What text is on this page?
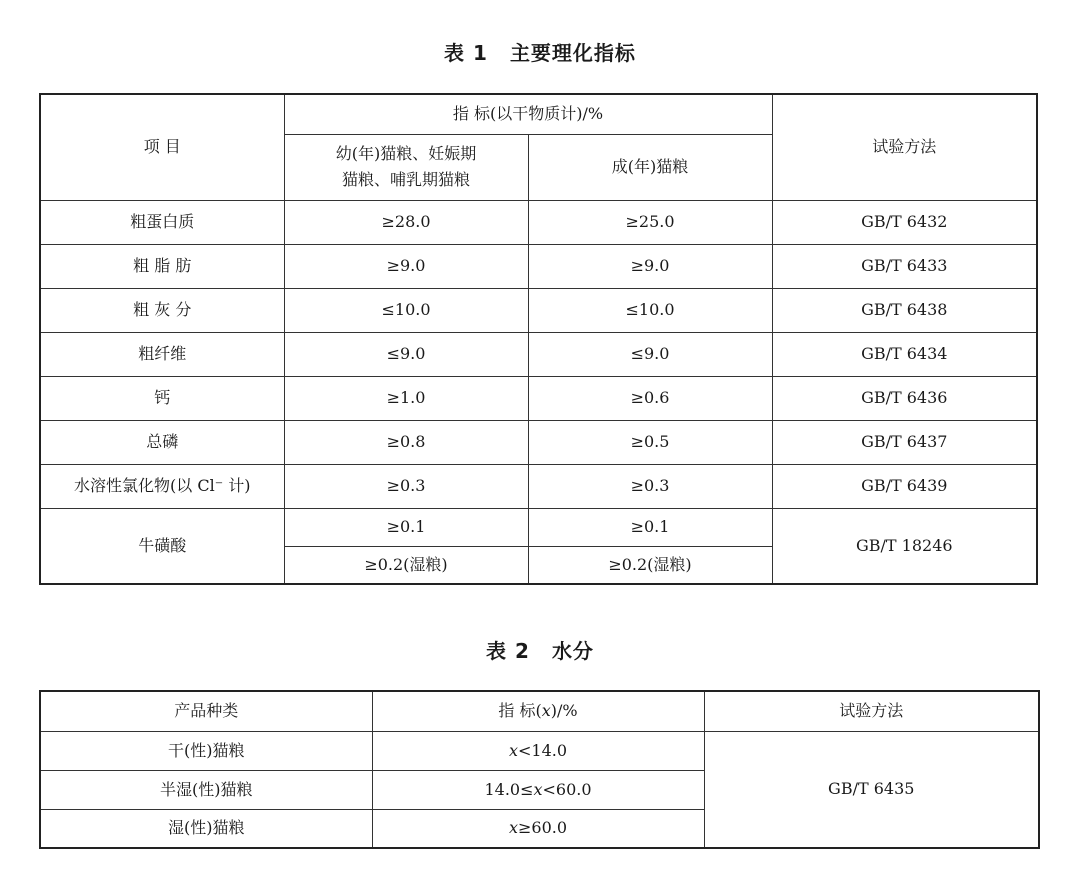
表 1 主要理化指标
项 目	指 标(以干物质计)/%		试验方法
	幼(年)猫粮、妊娠期
猫粮、哺乳期猫粮	成(年)猫粮	
粗蛋白质	≥28.0	≥25.0	GB/T 6432
粗 脂 肪	≥9.0	≥9.0	GB/T 6433
粗 灰 分	≤10.0	≤10.0	GB/T 6438
粗纤维	≤9.0	≤9.0	GB/T 6434
钙	≥1.0	≥0.6	GB/T 6436
总磷	≥0.8	≥0.5	GB/T 6437
水溶性氯化物(以 Cl⁻ 计)	≥0.3	≥0.3	GB/T 6439
牛磺酸	≥0.1	≥0.1	GB/T 18246
	≥0.2(湿粮)	≥0.2(湿粮)	
表 2 水分
产品种类	指 标(x)/%	试验方法
干(性)猫粮	x<14.0	GB/T 6435
半湿(性)猫粮	14.0≤x<60.0	
湿(性)猫粮	x≥60.0	
